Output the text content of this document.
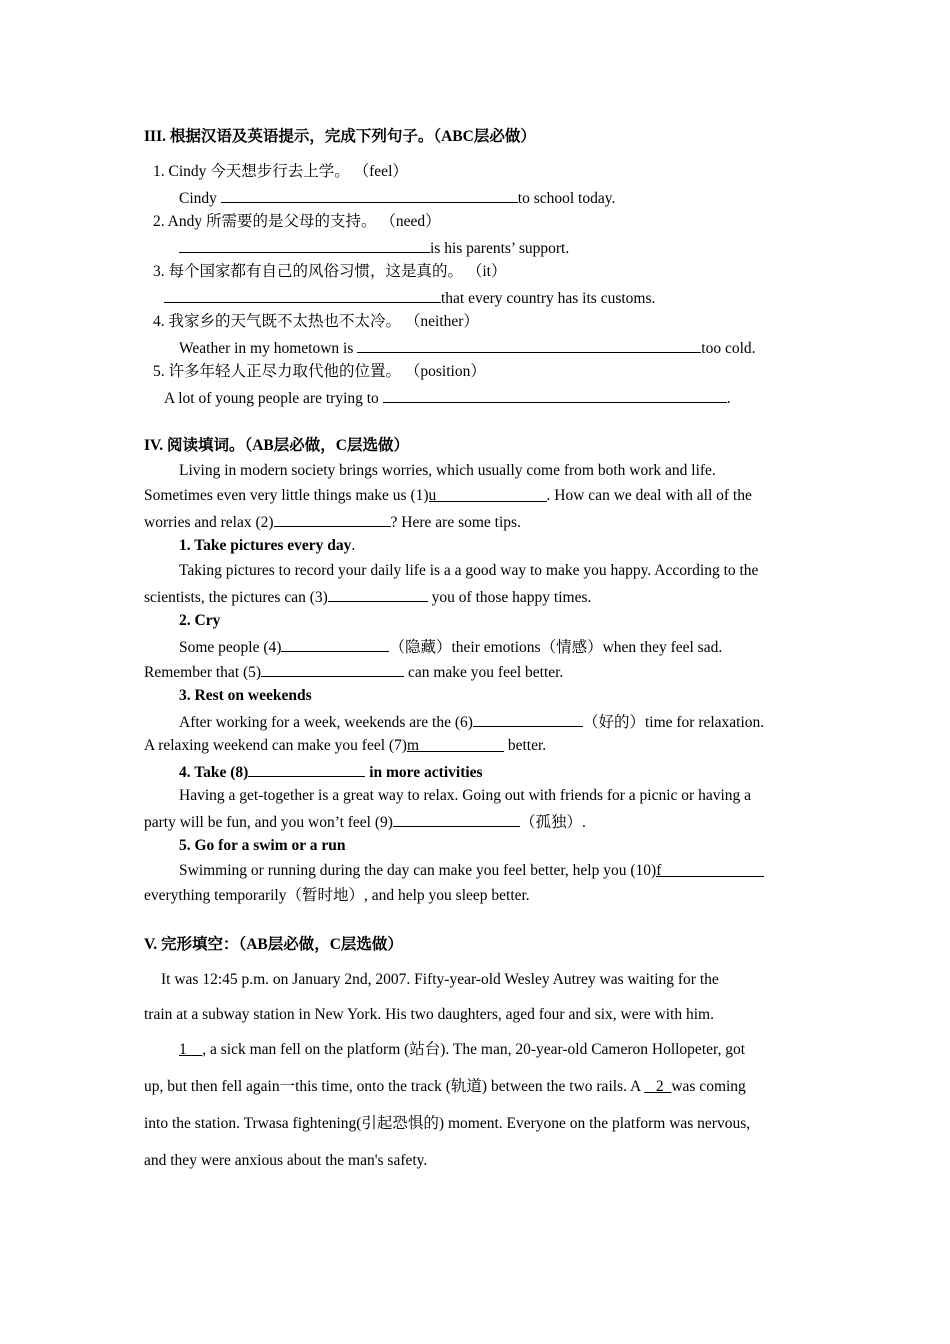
III. 根据汉语及英语提示，完成下列句子。（ABC层必做）
1. Cindy 今天想步行去上学。 （feel）
Cindy	to school today.
2. Andy 所需要的是父母的支持。 （need）
is his parents’ support.
3. 每个国家都有自己的风俗习惯，这是真的。 （it）
that every country has its customs.
4. 我家乡的天气既不太热也不太冷。 （neither）
Weather in my hometown is	too cold.
5. 许多年轻人正尽力取代他的位置。 （position）
A lot of young people are trying to	.
IV. 阅读填词。（AB层必做，C层选做）
Living in modern society brings worries, which usually come from both work and life.
Sometimes even very little things make us (1)u	. How can we deal with all of the
worries and relax (2)	? Here are some tips.
1. Take pictures every day.
Taking pictures to record your daily life is a a good way to make you happy. According to the
scientists, the pictures can (3)	you of those happy times.
2. Cry
Some people (4)	（隐藏）their emotions（情感）when they feel sad.
Remember that (5)	can make you feel better.
3. Rest on weekends
After working for a week, weekends are the (6)	（好的）time for relaxation.
A relaxing weekend can make you feel (7)m	better.
4. Take (8)	in more activities
Having a get-together is a great way to relax. Going out with friends for a picnic or having a
party will be fun, and you won’t feel (9)	（孤独）.
5. Go for a swim or a run
Swimming or running during the day can make you feel better, help you (10)f
everything temporarily（暂时地）, and help you sleep better.
V. 完形填空：（AB层必做，C层选做）
It was 12:45 p.m. on January 2nd, 2007. Fifty-year-old Wesley Autrey was waiting for the
train at a subway station in New York. His two daughters, aged four and six, were with him.
1 , a sick man fell on the platform (站台). The man, 20-year-old Cameron Hollopeter, got
up, but then fell again一this time, onto the track (轨道) between the two rails. A    2 was coming
into the station. Trwasa fightening(引起恐惧的) moment. Everyone on the platform was nervous,
and they were anxious about the man's safety.
